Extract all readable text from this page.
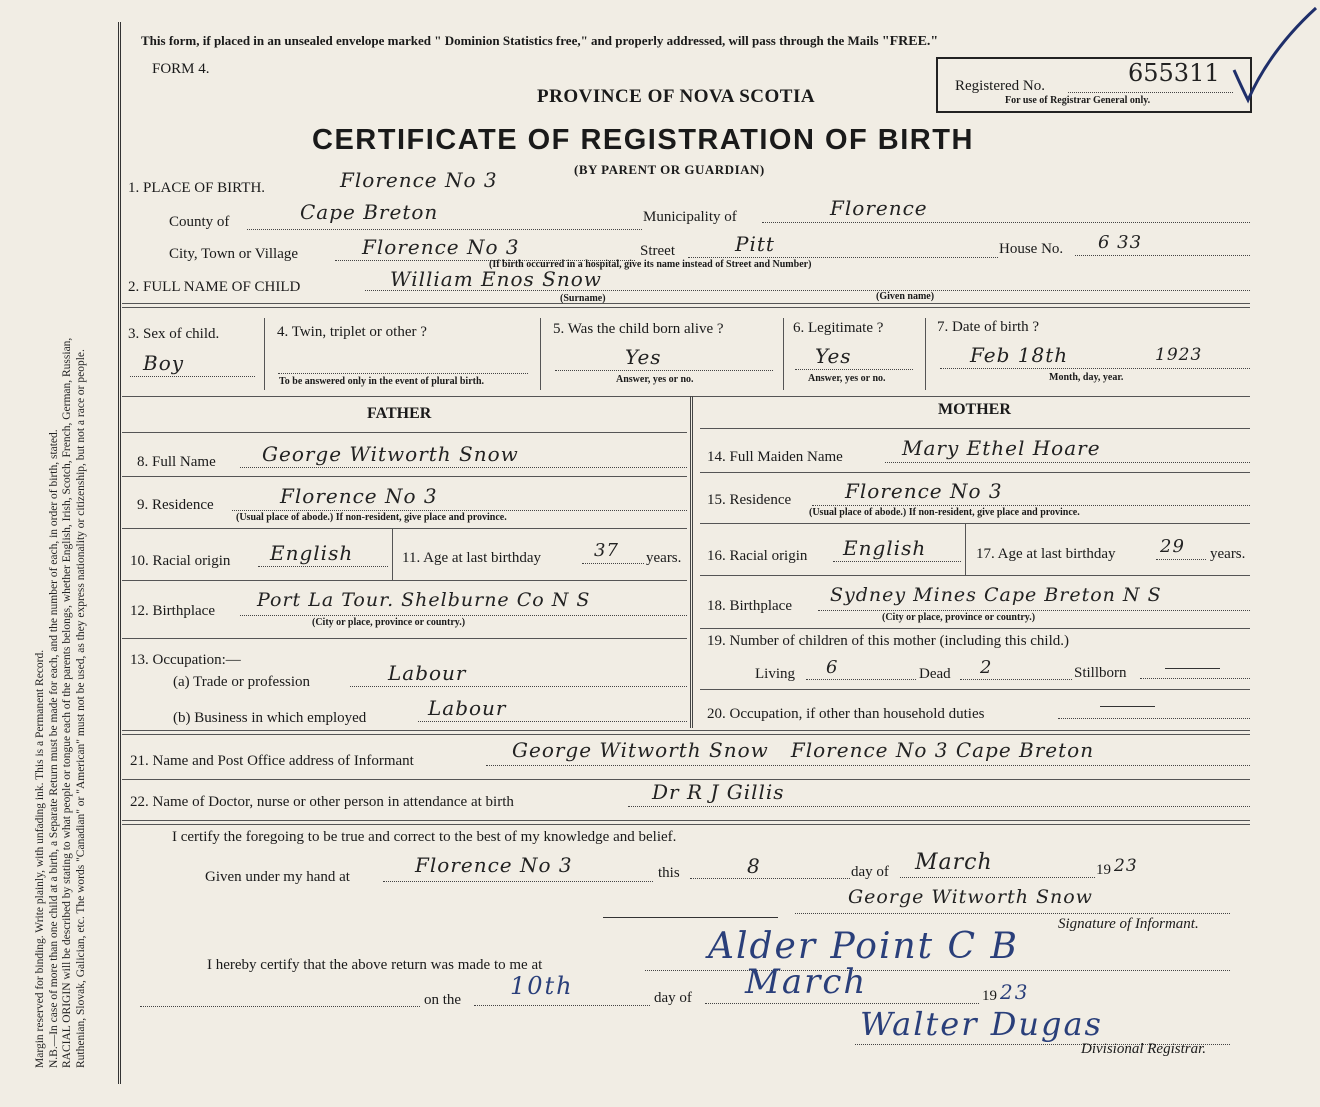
Margin reserved for binding. Write plainly, with unfading ink. This is a Permanent Record. N.B.—In case of more than one child at a birth, a Separate Return must be made for each, and the number of each, in order of birth, stated. RACIAL ORIGIN will be described by stating to what people or tongue each of the parents belongs, whether English, Irish, Scotch, French, German, Russian, Ruthenian, Slovak, Galician, etc. The words "Canadian" or "American" must not be used, as they express nationality or citizenship, but not a race or people.
This form, if placed in an unsealed envelope marked " Dominion Statistics free," and properly addressed, will pass through the Mails "FREE."
FORM 4.
PROVINCE OF NOVA SCOTIA
CERTIFICATE OF REGISTRATION OF BIRTH
(BY PARENT OR GUARDIAN)
Registered No.	655311
For use of Registrar General only.
1. PLACE OF BIRTH.	Florence No 3
County of	Cape Breton	Municipality of	Florence
City, Town or Village	Florence No 3	Street	Pitt	House No. 6 33
(If birth occurred in a hospital, give its name instead of Street and Number)
2. FULL NAME OF CHILD	William Enos Snow
(Surname)	(Given name)
3. Sex of child.
Boy
4. Twin, triplet or other ?
To be answered only in the event of plural birth.
5. Was the child born alive ?
Yes
Answer, yes or no.
6. Legitimate ?
Yes
Answer, yes or no.
7. Date of birth ?
Feb 18th	1923
Month, day, year.
FATHER
8. Full Name George Witworth Snow
9. Residence	Florence No 3
(Usual place of abode.) If non-resident, give place and province.
10. Racial origin English	11. Age at last birthday	37 years.
12. Birthplace Port La Tour. Shelburne Co N S
(City or place, province or country.)
13. Occupation:—
(a) Trade or profession	Labour
(b) Business in which employed	Labour
MOTHER
14. Full Maiden Name	Mary Ethel Hoare
15. Residence	Florence No 3
(Usual place of abode.) If non-resident, give place and province.
16. Racial origin English	17. Age at last birthday 29 years.
18. Birthplace Sydney Mines Cape Breton N S
(City or place, province or country.)
19. Number of children of this mother (including this child.)
Living 6	Dead 2	Stillborn
20. Occupation, if other than household duties
21. Name and Post Office address of Informant	George Witworth Snow   Florence No 3 Cape Breton
22. Name of Doctor, nurse or other person in attendance at birth	Dr R J Gillis
I certify the foregoing to be true and correct to the best of my knowledge and belief.
Given under my hand at	Florence No 3	this	8	day of March	19 23
George Witworth Snow
Signature of Informant.
I hereby certify that the above return was made to me at	Alder Point C B
on the 10th	day of March	19 23
Walter Dugas
Divisional Registrar.
